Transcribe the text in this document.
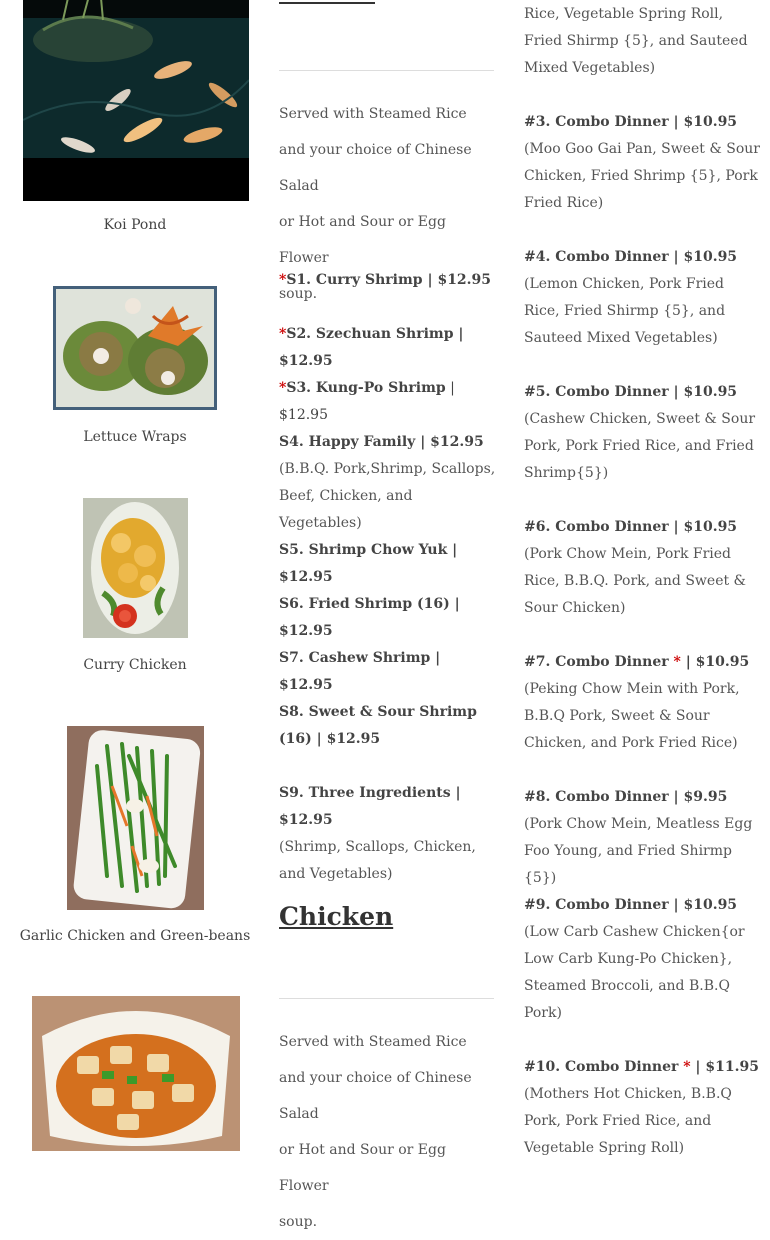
Koi Pond
Lettuce Wraps
Curry Chicken
Garlic Chicken and Green-beans
Served with Steamed Rice
and your choice of Chinese Salad
or Hot and Sour or Egg Flower
soup.
*S1. Curry Shrimp | $12.95
*S2. Szechuan Shrimp | $12.95
*S3. Kung-Po Shrimp | $12.95
S4. Happy Family | $12.95
(B.B.Q. Pork,Shrimp, Scallops, Beef, Chicken, and Vegetables)
S5. Shrimp Chow Yuk | $12.95
S6. Fried Shrimp (16) | $12.95
S7. Cashew Shrimp | $12.95
S8. Sweet & Sour Shrimp (16) | $12.95
S9. Three Ingredients | $12.95
(Shrimp, Scallops, Chicken, and Vegetables)
Chicken
Served with Steamed Rice
and your choice of Chinese Salad
or Hot and Sour or Egg Flower
soup.
Rice, Vegetable Spring Roll, Fried Shirmp {5}, and Sauteed Mixed Vegetables)
#3. Combo Dinner | $10.95
(Moo Goo Gai Pan, Sweet & Sour Chicken, Fried Shrimp {5}, Pork Fried Rice)
#4. Combo Dinner | $10.95
(Lemon Chicken, Pork Fried Rice, Fried Shirmp {5}, and Sauteed Mixed Vegetables)
#5. Combo Dinner | $10.95
(Cashew Chicken, Sweet & Sour Pork, Pork Fried Rice, and Fried Shrimp{5})
#6. Combo Dinner | $10.95
(Pork Chow Mein, Pork Fried Rice, B.B.Q. Pork, and Sweet & Sour Chicken)
#7. Combo Dinner * | $10.95
(Peking Chow Mein with Pork, B.B.Q Pork, Sweet & Sour Chicken, and Pork Fried Rice)
#8. Combo Dinner | $9.95
(Pork Chow Mein, Meatless Egg Foo Young, and Fried Shirmp {5})
#9. Combo Dinner | $10.95
(Low Carb Cashew Chicken{or Low Carb Kung-Po Chicken}, Steamed Broccoli, and B.B.Q Pork)
#10. Combo Dinner * | $11.95
(Mothers Hot Chicken, B.B.Q Pork, Pork Fried Rice, and Vegetable Spring Roll)
